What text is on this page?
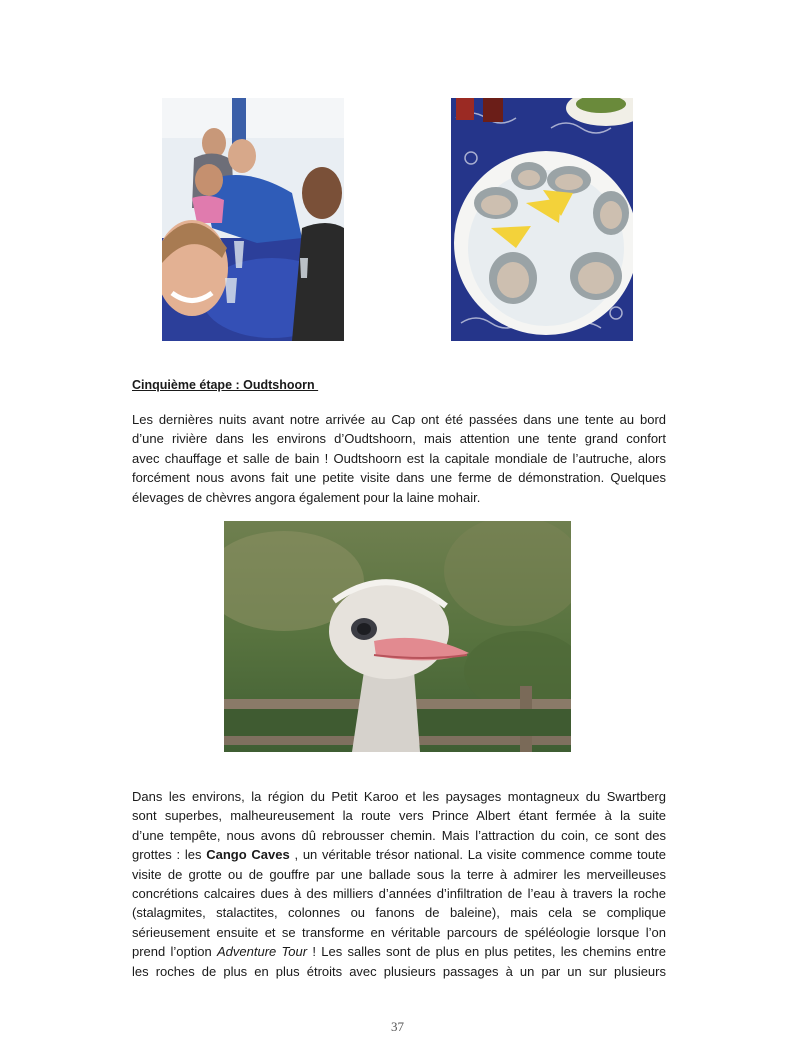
Cinquième étape : Oudtshoorn

Les dernières nuits avant notre arrivée au Cap ont été passées dans une tente au bord
d’une rivière dans les environs d’Oudtshoorn, mais attention une tente grand confort
avec chauffage et salle de bain ! Oudtshoorn est la capitale mondiale de l’autruche, alors
forcément nous avons fait une petite visite dans une ferme de démonstration. Quelques
élevages de chèvres angora également pour la laine mohair.

Dans les environs, la région du Petit Karoo et les paysages montagneux du Swartberg
sont superbes, malheureusement la route vers Prince Albert étant fermée à la suite
d’une tempête, nous avons dû rebrousser chemin. Mais l’attraction du coin, ce sont des
grottes : les Cango Caves , un véritable trésor national. La visite commence comme toute
visite de grotte ou de gouffre par une ballade sous la terre à admirer les merveilleuses
concrétions calcaires dues à des milliers d’années d’infiltration de l’eau à travers la roche
(stalagmites, stalactites, colonnes ou fanons de baleine), mais cela se complique
sérieusement ensuite et se transforme en véritable parcours de spéléologie lorsque l’on
prend l’option Adventure Tour ! Les salles sont de plus en plus petites, les chemins entre
les roches de plus en plus étroits avec plusieurs passages à un par un sur plusieurs

37
